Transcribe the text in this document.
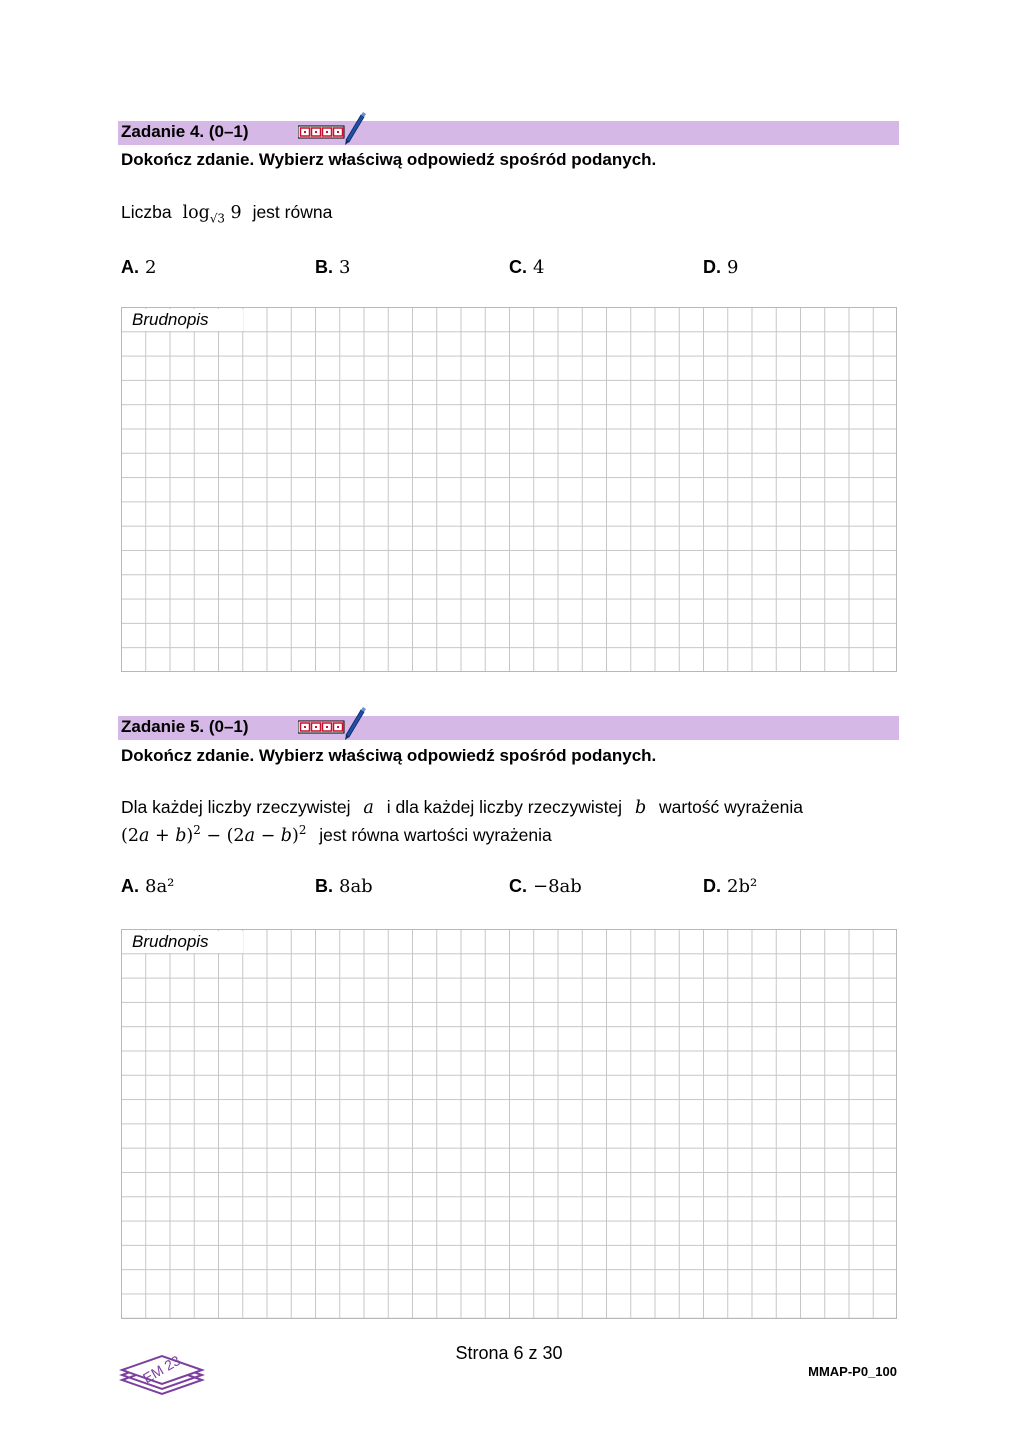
Zadanie 4. (0–1)
Dokończ zdanie. Wybierz właściwą odpowiedź spośród podanych.
Liczba $\log_{√3} 9$ jest równa
A. 2	B. 3	C. 4	D. 9
Brudnopis
Zadanie 5. (0–1)
Dokończ zdanie. Wybierz właściwą odpowiedź spośród podanych.
Dla każdej liczby rzeczywistej a i dla każdej liczby rzeczywistej b wartość wyrażenia
$(2a + b)^2 - (2a - b)^2$ jest równa wartości wyrażenia
A. 8a²	B. 8ab	C. −8ab	D. 2b²
Brudnopis
EM 23	Strona 6 z 30
MMAP-P0_100
